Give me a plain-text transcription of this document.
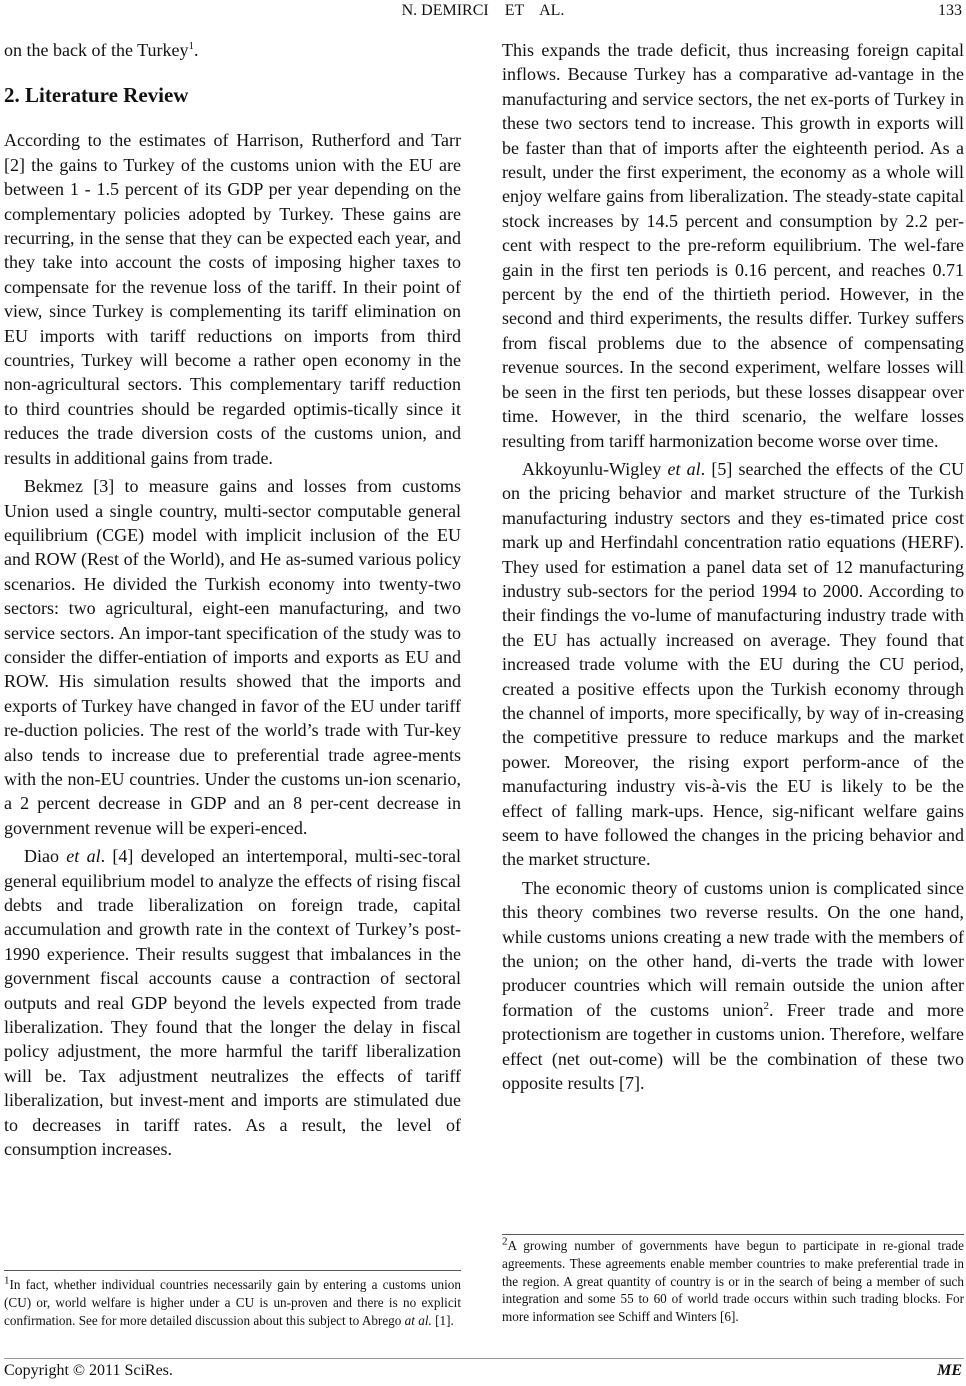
N. DEMIRCI    ET    AL.	133

on the back of the Turkey$^1$.

2. Literature Review

According to the estimates of Harrison, Rutherford and Tarr [2] the gains to Turkey of the customs union with the EU are between 1 - 1.5 percent of its GDP per year depending on the complementary policies adopted by Turkey. These gains are recurring, in the sense that they can be expected each year, and they take into account the costs of imposing higher taxes to compensate for the revenue loss of the tariff. In their point of view, since Turkey is complementing its tariff elimination on EU imports with tariff reductions on imports from third countries, Turkey will become a rather open economy in the non-agricultural sectors. This complementary tariff reduction to third countries should be regarded optimis-tically since it reduces the trade diversion costs of the customs union, and results in additional gains from trade.

Bekmez [3] to measure gains and losses from customs Union used a single country, multi-sector computable general equilibrium (CGE) model with implicit inclusion of the EU and ROW (Rest of the World), and He as-sumed various policy scenarios. He divided the Turkish economy into twenty-two sectors: two agricultural, eight-een manufacturing, and two service sectors. An impor-tant specification of the study was to consider the differ-entiation of imports and exports as EU and ROW. His simulation results showed that the imports and exports of Turkey have changed in favor of the EU under tariff re-duction policies. The rest of the world’s trade with Tur-key also tends to increase due to preferential trade agree-ments with the non-EU countries. Under the customs un-ion scenario, a 2 percent decrease in GDP and an 8 per-cent decrease in government revenue will be experi-enced.

Diao et al. [4] developed an intertemporal, multi-sec-toral general equilibrium model to analyze the effects of rising fiscal debts and trade liberalization on foreign trade, capital accumulation and growth rate in the context of Turkey’s post-1990 experience. Their results suggest that imbalances in the government fiscal accounts cause a contraction of sectoral outputs and real GDP beyond the levels expected from trade liberalization. They found that the longer the delay in fiscal policy adjustment, the more harmful the tariff liberalization will be. Tax adjustment neutralizes the effects of tariff liberalization, but invest-ment and imports are stimulated due to decreases in tariff rates. As a result, the level of consumption increases.

This expands the trade deficit, thus increasing foreign capital inflows. Because Turkey has a comparative ad-vantage in the manufacturing and service sectors, the net ex-ports of Turkey in these two sectors tend to increase. This growth in exports will be faster than that of imports after the eighteenth period. As a result, under the first experiment, the economy as a whole will enjoy welfare gains from liberalization. The steady-state capital stock increases by 14.5 percent and consumption by 2.2 per-cent with respect to the pre-reform equilibrium. The wel-fare gain in the first ten periods is 0.16 percent, and reaches 0.71 percent by the end of the thirtieth period. However, in the second and third experiments, the results differ. Turkey suffers from fiscal problems due to the absence of compensating revenue sources. In the second experiment, welfare losses will be seen in the first ten periods, but these losses disappear over time. However, in the third scenario, the welfare losses resulting from tariff harmonization become worse over time.

Akkoyunlu-Wigley et al. [5] searched the effects of the CU on the pricing behavior and market structure of the Turkish manufacturing industry sectors and they es-timated price cost mark up and Herfindahl concentration ratio equations (HERF). They used for estimation a panel data set of 12 manufacturing industry sub-sectors for the period 1994 to 2000. According to their findings the vo-lume of manufacturing industry trade with the EU has actually increased on average. They found that increased trade volume with the EU during the CU period, created a positive effects upon the Turkish economy through the channel of imports, more specifically, by way of in-creasing the competitive pressure to reduce markups and the market power. Moreover, the rising export perform-ance of the manufacturing industry vis-à-vis the EU is likely to be the effect of falling mark-ups. Hence, sig-nificant welfare gains seem to have followed the changes in the pricing behavior and the market structure.

The economic theory of customs union is complicated since this theory combines two reverse results. On the one hand, while customs unions creating a new trade with the members of the union; on the other hand, di-verts the trade with lower producer countries which will remain outside the union after formation of the customs union$^2$. Freer trade and more protectionism are together in customs union. Therefore, welfare effect (net out-come) will be the combination of these two opposite results [7].

$^1$In fact, whether individual countries necessarily gain by entering a customs union (CU) or, world welfare is higher under a CU is un-proven and there is no explicit confirmation. See for more detailed discussion about this subject to Abrego at al. [1].
$^2$A growing number of governments have begun to participate in re-gional trade agreements. These agreements enable member countries to make preferential trade in the region. A great quantity of country is or in the search of being a member of such integration and some 55 to 60 of world trade occurs within such trading blocks. For more information see Schiff and Winters [6].
Copyright © 2011 SciRes.	ME
